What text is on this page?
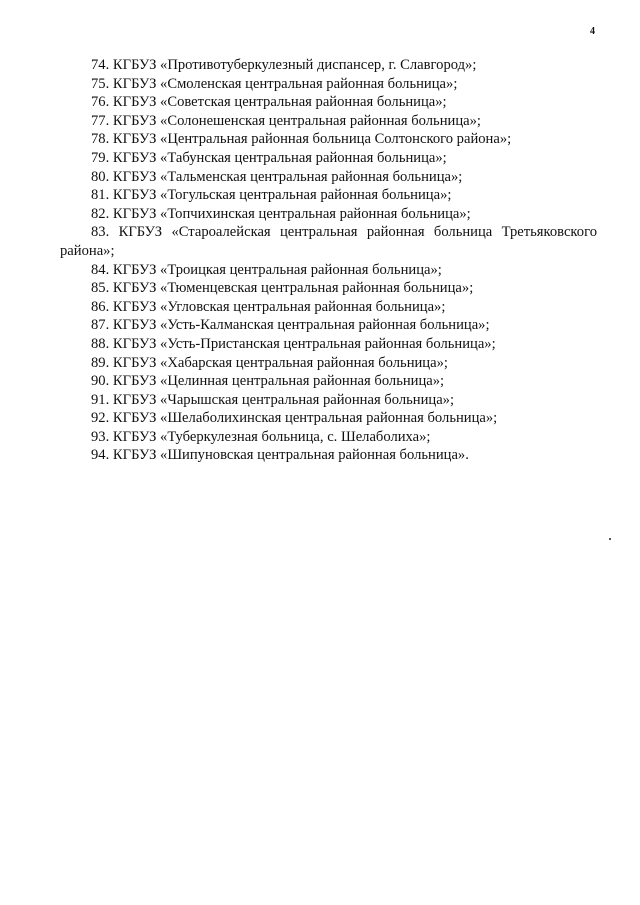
4
74. КГБУЗ «Противотуберкулезный диспансер, г. Славгород»;
75. КГБУЗ «Смоленская центральная районная больница»;
76. КГБУЗ «Советская центральная районная больница»;
77. КГБУЗ «Солонешенская центральная районная больница»;
78. КГБУЗ «Центральная районная больница Солтонского района»;
79. КГБУЗ «Табунская центральная районная больница»;
80. КГБУЗ «Тальменская центральная районная больница»;
81. КГБУЗ «Тогульская центральная районная больница»;
82. КГБУЗ «Топчихинская центральная районная больница»;
83. КГБУЗ «Староалейская центральная районная больница Третьяковского
района»;
84. КГБУЗ «Троицкая центральная районная больница»;
85. КГБУЗ «Тюменцевская центральная районная больница»;
86. КГБУЗ «Угловская центральная районная больница»;
87. КГБУЗ «Усть-Калманская центральная районная больница»;
88. КГБУЗ «Усть-Пристанская центральная районная больница»;
89. КГБУЗ «Хабарская центральная районная больница»;
90. КГБУЗ «Целинная центральная районная больница»;
91. КГБУЗ «Чарышская центральная районная больница»;
92. КГБУЗ «Шелаболихинская центральная районная больница»;
93. КГБУЗ «Туберкулезная больница, с. Шелаболиха»;
94. КГБУЗ «Шипуновская центральная районная больница».
